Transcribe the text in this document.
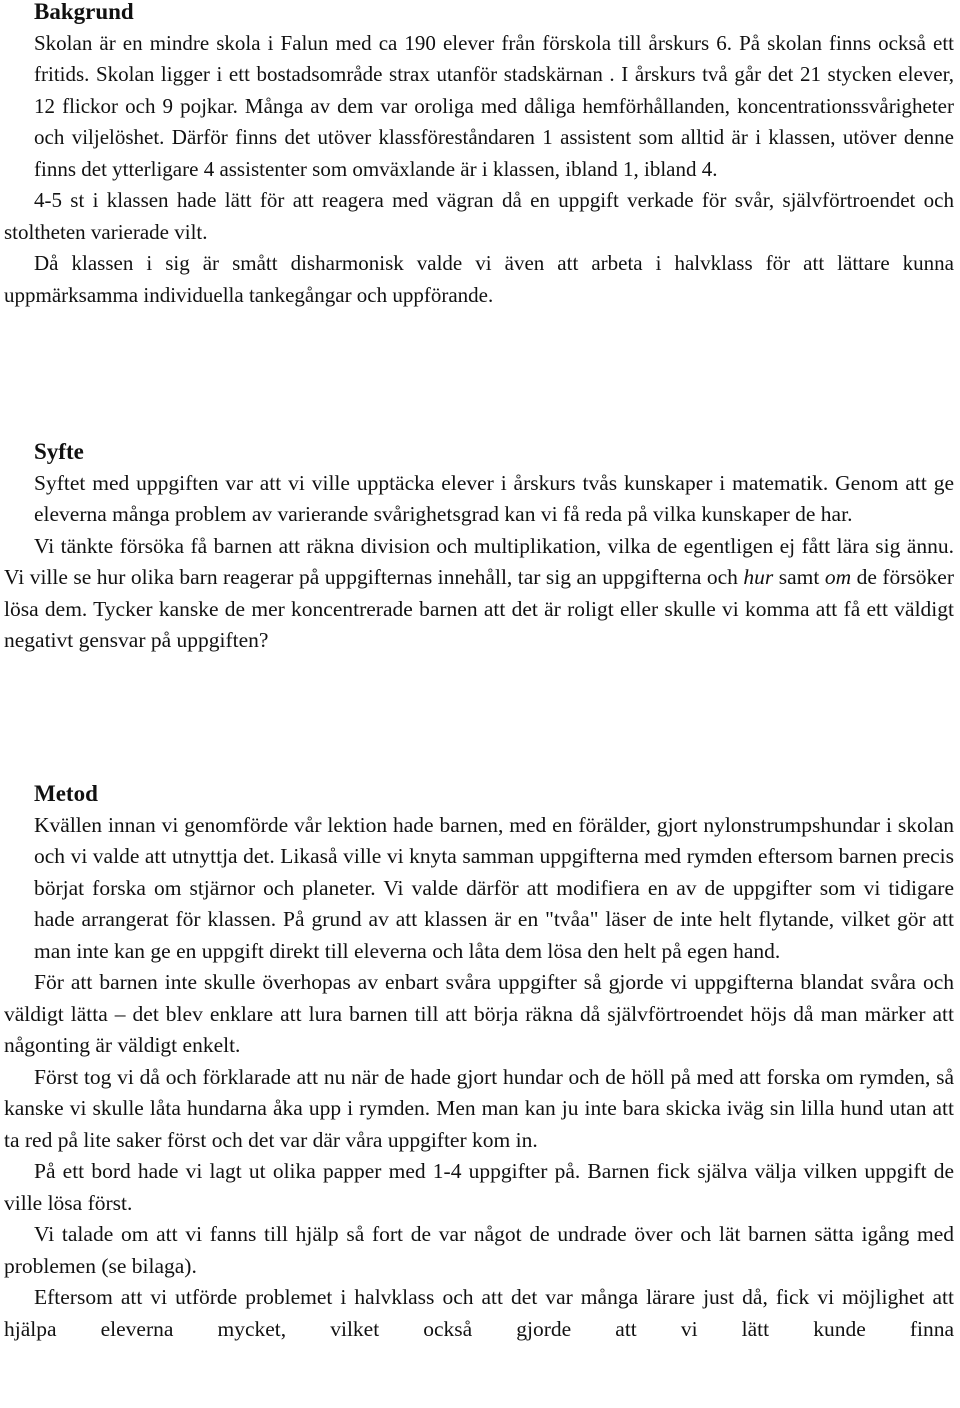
Bakgrund

Skolan är en mindre skola i Falun med ca 190 elever från förskola till årskurs 6. På skolan finns också ett fritids. Skolan ligger i ett bostadsområde strax utanför stadskärnan . I årskurs två går det 21 stycken elever, 12 flickor och 9 pojkar. Många av dem var oroliga med dåliga hemförhållanden, koncentrationssvårigheter och viljelöshet. Därför finns det utöver klassföreståndaren 1 assistent som alltid är i klassen, utöver denne finns det ytterligare 4 assistenter som omväxlande är i klassen, ibland 1, ibland 4.

4-5 st i klassen hade lätt för att reagera med vägran då en uppgift verkade för svår, självförtroendet och stoltheten varierade vilt.

Då klassen i sig är smått disharmonisk valde vi även att arbeta i halvklass för att lättare kunna uppmärksamma individuella tankegångar och uppförande.

Syfte

Syftet med uppgiften var att vi ville upptäcka elever i årskurs tvås kunskaper i matematik. Genom att ge eleverna många problem av varierande svårighetsgrad kan vi få reda på vilka kunskaper de har.

Vi tänkte försöka få barnen att räkna division och multiplikation, vilka de egentligen ej fått lära sig ännu. Vi ville se hur olika barn reagerar på uppgifternas innehåll, tar sig an uppgifterna och hur samt om de försöker lösa dem. Tycker kanske de mer koncentrerade barnen att det är roligt eller skulle vi komma att få ett väldigt negativt gensvar på uppgiften?

Metod

Kvällen innan vi genomförde vår lektion hade barnen, med en förälder, gjort nylonstrumpshundar i skolan och vi valde att utnyttja det. Likaså ville vi knyta samman uppgifterna med rymden eftersom barnen precis börjat forska om stjärnor och planeter. Vi valde därför att modifiera en av de uppgifter som vi tidigare hade arrangerat för klassen. På grund av att klassen är en "tvåa" läser de inte helt flytande, vilket gör att man inte kan ge en uppgift direkt till eleverna och låta dem lösa den helt på egen hand.

För att barnen inte skulle överhopas av enbart svåra uppgifter så gjorde vi uppgifterna blandat svåra och väldigt lätta – det blev enklare att lura barnen till att börja räkna då självförtroendet höjs då man märker att någonting är väldigt enkelt.

Först tog vi då och förklarade att nu när de hade gjort hundar och de höll på med att forska om rymden, så kanske vi skulle låta hundarna åka upp i rymden. Men man kan ju inte bara skicka iväg sin lilla hund utan att ta red på lite saker först och det var där våra uppgifter kom in.

På ett bord hade vi lagt ut olika papper med 1-4 uppgifter på. Barnen fick själva välja vilken uppgift de ville lösa först.

Vi talade om att vi fanns till hjälp så fort de var något de undrade över och lät barnen sätta igång med problemen (se bilaga).

Eftersom att vi utförde problemet i halvklass och att det var många lärare just då, fick vi möjlighet att hjälpa eleverna mycket, vilket också gjorde att vi lätt kunde finna
